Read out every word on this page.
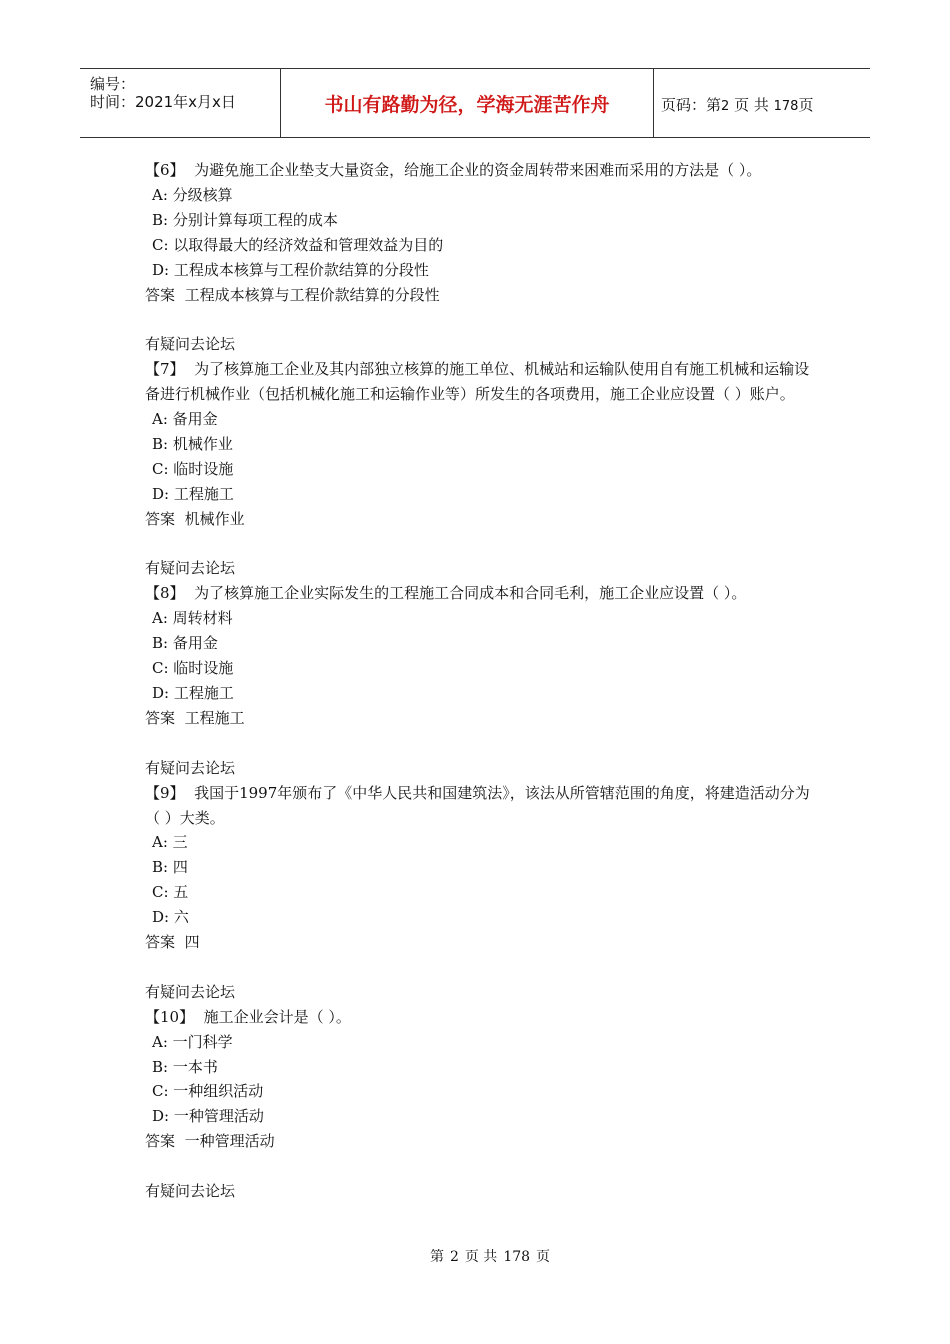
编号：
时间：2021年x月x日	书山有路勤为径，学海无涯苦作舟	页码：第2 页 共 178页
【6】 为避免施工企业垫支大量资金，给施工企业的资金周转带来困难而采用的方法是（ ）。
A: 分级核算
B: 分别计算每项工程的成本
C: 以取得最大的经济效益和管理效益为目的
D: 工程成本核算与工程价款结算的分段性
答案 工程成本核算与工程价款结算的分段性
有疑问去论坛
【7】 为了核算施工企业及其内部独立核算的施工单位、机械站和运输队使用自有施工机械和运输设备进行机械作业（包括机械化施工和运输作业等）所发生的各项费用，施工企业应设置（ ）账户。
A: 备用金
B: 机械作业
C: 临时设施
D: 工程施工
答案 机械作业
有疑问去论坛
【8】 为了核算施工企业实际发生的工程施工合同成本和合同毛利，施工企业应设置（ ）。
A: 周转材料
B: 备用金
C: 临时设施
D: 工程施工
答案 工程施工
有疑问去论坛
【9】 我国于1997年颁布了《中华人民共和国建筑法》，该法从所管辖范围的角度，将建造活动分为（ ）大类。
A: 三
B: 四
C: 五
D: 六
答案 四
有疑问去论坛
【10】 施工企业会计是（ ）。
A: 一门科学
B: 一本书
C: 一种组织活动
D: 一种管理活动
答案 一种管理活动
有疑问去论坛
第 2 页 共 178 页
